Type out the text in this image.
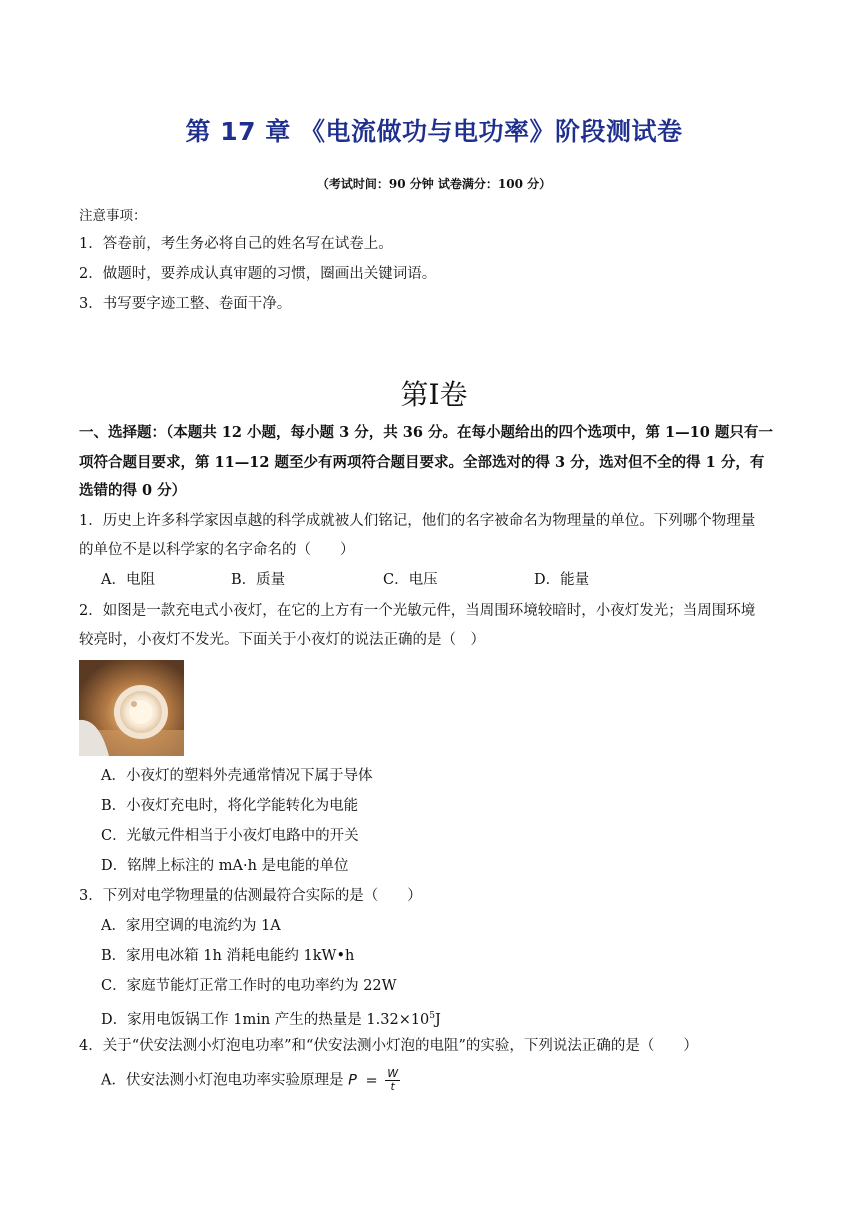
第 17 章 《电流做功与电功率》阶段测试卷
（考试时间：90 分钟 试卷满分：100 分）
注意事项：
1．答卷前，考生务必将自己的姓名写在试卷上。
2．做题时，要养成认真审题的习惯，圈画出关键词语。
3．书写要字迹工整、卷面干净。
第Ⅰ卷
一、选择题：（本题共 12 小题，每小题 3 分，共 36 分。在每小题给出的四个选项中，第 1—10 题只有一
项符合题目要求，第 11—12 题至少有两项符合题目要求。全部选对的得 3 分，选对但不全的得 1 分，有
选错的得 0 分）
1．历史上许多科学家因卓越的科学成就被人们铭记，他们的名字被命名为物理量的单位。下列哪个物理量
的单位不是以科学家的名字命名的（　　）
A．电阻	B．质量	C．电压	D．能量
2．如图是一款充电式小夜灯，在它的上方有一个光敏元件，当周围环境较暗时，小夜灯发光；当周围环境
较亮时，小夜灯不发光。下面关于小夜灯的说法正确的是（　）
A．小夜灯的塑料外壳通常情况下属于导体
B．小夜灯充电时，将化学能转化为电能
C．光敏元件相当于小夜灯电路中的开关
D．铭牌上标注的 mA·h 是电能的单位
3．下列对电学物理量的估测最符合实际的是（　　）
A．家用空调的电流约为 1A
B．家用电冰箱 1h 消耗电能约 1kW•h
C．家庭节能灯正常工作时的电功率约为 22W
D．家用电饭锅工作 1min 产生的热量是 $1.32\times 10^5J$
4．关于“伏安法测小灯泡电功率”和“伏安法测小灯泡的电阻”的实验，下列说法正确的是（　　）
A．伏安法测小灯泡电功率实验原理是 $P = \frac{W}{t}$
